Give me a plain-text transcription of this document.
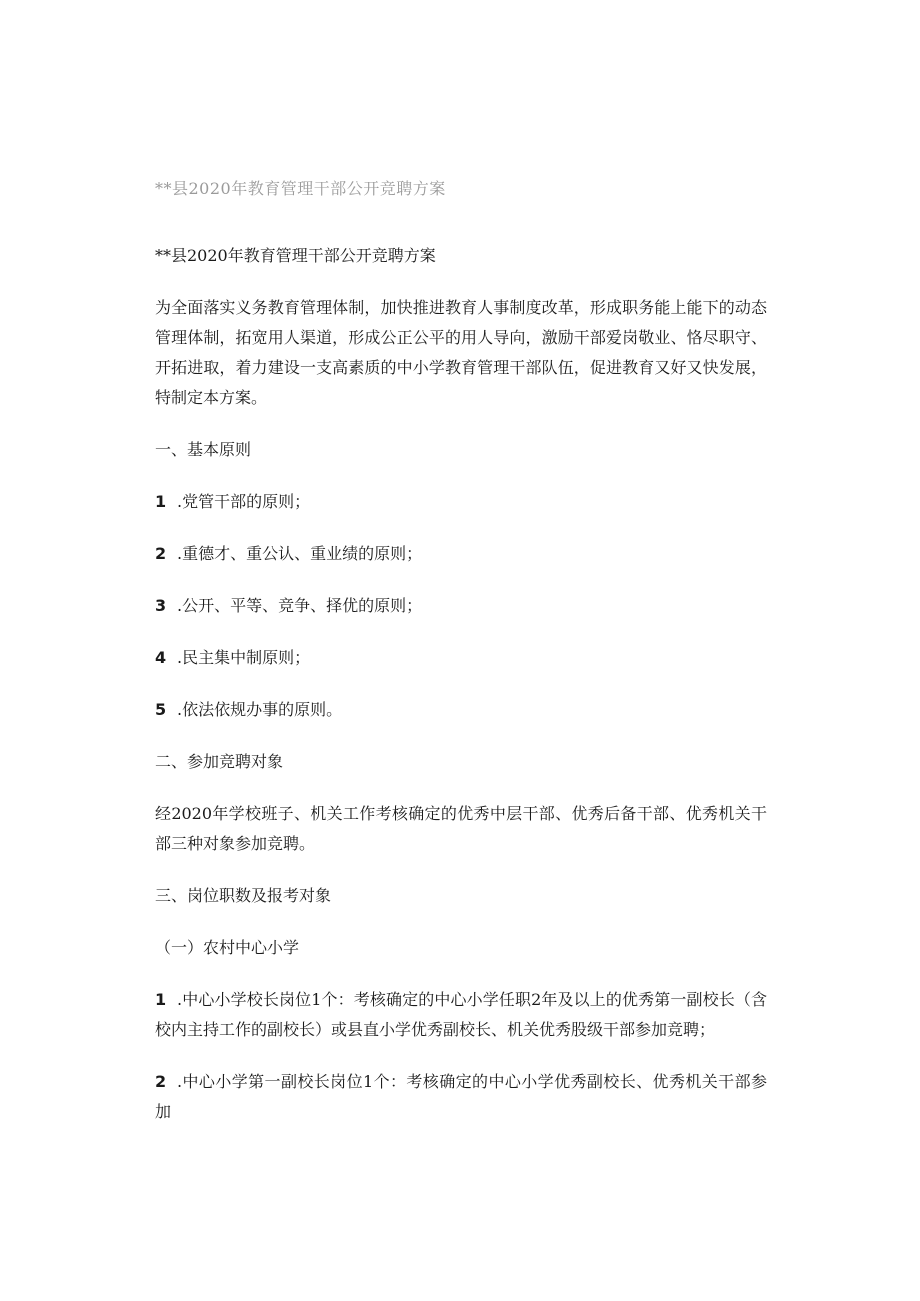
**县2020年教育管理干部公开竞聘方案

**县2020年教育管理干部公开竞聘方案

为全面落实义务教育管理体制，加快推进教育人事制度改革，形成职务能上能下的动态管理体制，拓宽用人渠道，形成公正公平的用人导向，激励干部爱岗敬业、恪尽职守、开拓进取，着力建设一支高素质的中小学教育管理干部队伍，促进教育又好又快发展，特制定本方案。

一、基本原则

1 .党管干部的原则；

2 .重德才、重公认、重业绩的原则；

3 .公开、平等、竞争、择优的原则；

4 .民主集中制原则；

5 .依法依规办事的原则。

二、参加竞聘对象

经2020年学校班子、机关工作考核确定的优秀中层干部、优秀后备干部、优秀机关干部三种对象参加竞聘。

三、岗位职数及报考对象

（一）农村中心小学

1 .中心小学校长岗位1个：考核确定的中心小学任职2年及以上的优秀第一副校长（含校内主持工作的副校长）或县直小学优秀副校长、机关优秀股级干部参加竞聘；

2 .中心小学第一副校长岗位1个：考核确定的中心小学优秀副校长、优秀机关干部参加
